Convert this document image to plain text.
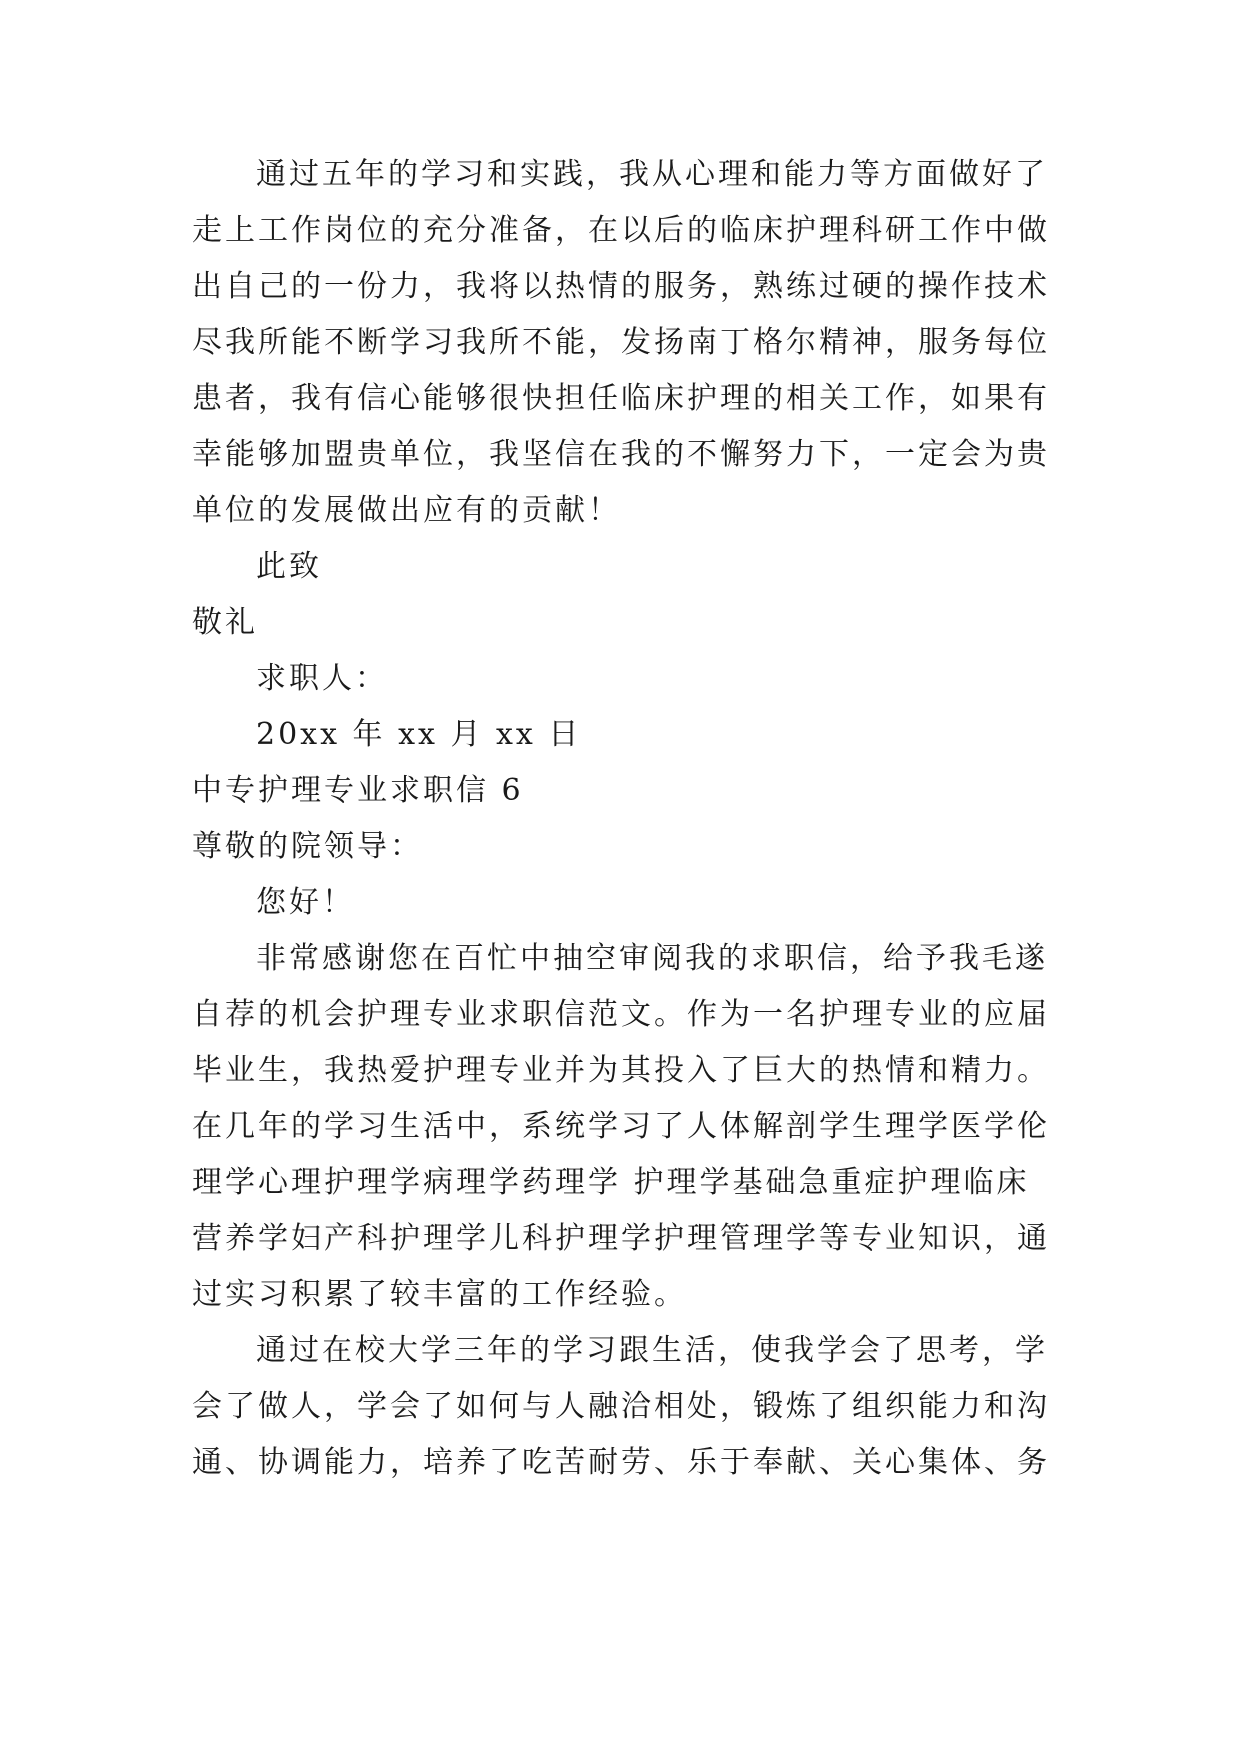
通过五年的学习和实践，我从心理和能力等方面做好了
走上工作岗位的充分准备，在以后的临床护理科研工作中做
出自己的一份力，我将以热情的服务，熟练过硬的操作技术
尽我所能不断学习我所不能，发扬南丁格尔精神，服务每位
患者，我有信心能够很快担任临床护理的相关工作，如果有
幸能够加盟贵单位，我坚信在我的不懈努力下，一定会为贵
单位的发展做出应有的贡献！
此致
敬礼
求职人：
20xx 年 xx 月 xx 日
中专护理专业求职信 6
尊敬的院领导：
您好！
非常感谢您在百忙中抽空审阅我的求职信，给予我毛遂
自荐的机会护理专业求职信范文。作为一名护理专业的应届
毕业生，我热爱护理专业并为其投入了巨大的热情和精力。
在几年的学习生活中，系统学习了人体解剖学生理学医学伦
理学心理护理学病理学药理学 护理学基础急重症护理临床
营养学妇产科护理学儿科护理学护理管理学等专业知识，通
过实习积累了较丰富的工作经验。
通过在校大学三年的学习跟生活，使我学会了思考，学
会了做人，学会了如何与人融洽相处，锻炼了组织能力和沟
通、协调能力，培养了吃苦耐劳、乐于奉献、关心集体、务
